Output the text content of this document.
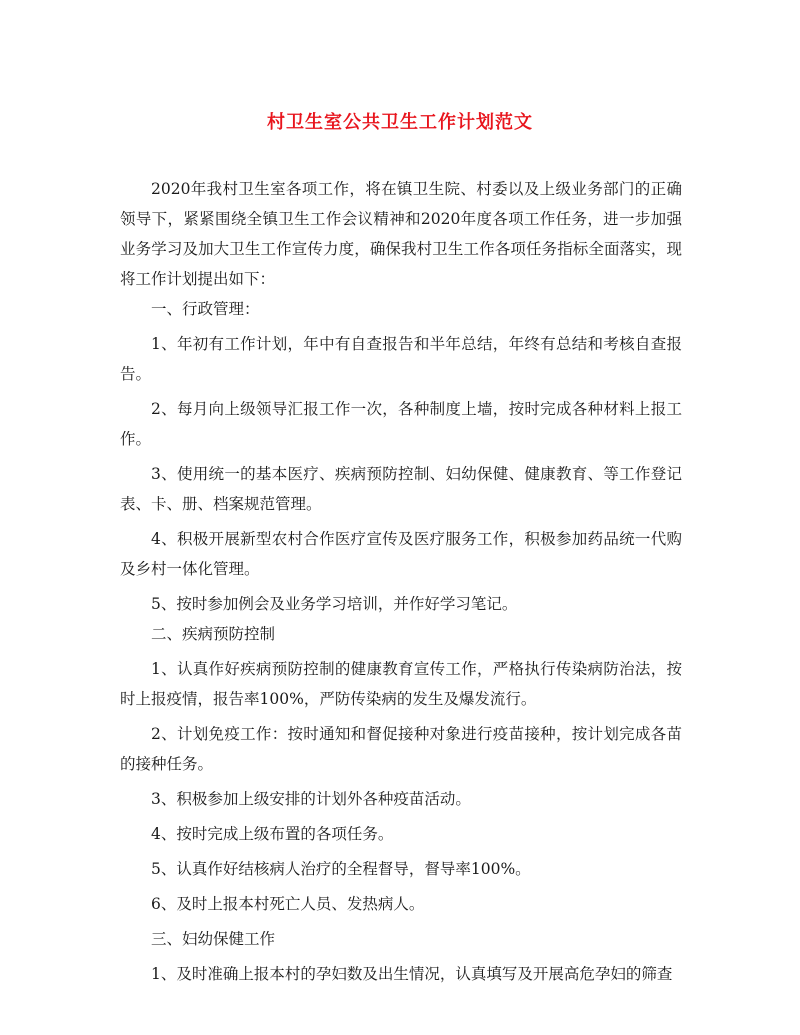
村卫生室公共卫生工作计划范文

2020年我村卫生室各项工作，将在镇卫生院、村委以及上级业务部门的正确领导下，紧紧围绕全镇卫生工作会议精神和2020年度各项工作任务，进一步加强业务学习及加大卫生工作宣传力度，确保我村卫生工作各项任务指标全面落实，现将工作计划提出如下：

一、行政管理：

1、年初有工作计划，年中有自查报告和半年总结，年终有总结和考核自查报告。

2、每月向上级领导汇报工作一次，各种制度上墙，按时完成各种材料上报工作。

3、使用统一的基本医疗、疾病预防控制、妇幼保健、健康教育、等工作登记表、卡、册、档案规范管理。

4、积极开展新型农村合作医疗宣传及医疗服务工作，积极参加药品统一代购及乡村一体化管理。

5、按时参加例会及业务学习培训，并作好学习笔记。

二、疾病预防控制

1、认真作好疾病预防控制的健康教育宣传工作，严格执行传染病防治法，按时上报疫情，报告率100%，严防传染病的发生及爆发流行。

2、计划免疫工作：按时通知和督促接种对象进行疫苗接种，按计划完成各苗的接种任务。

3、积极参加上级安排的计划外各种疫苗活动。

4、按时完成上级布置的各项任务。

5、认真作好结核病人治疗的全程督导，督导率100%。

6、及时上报本村死亡人员、发热病人。

三、妇幼保健工作

1、及时准确上报本村的孕妇数及出生情况，认真填写及开展高危孕妇的筛查
